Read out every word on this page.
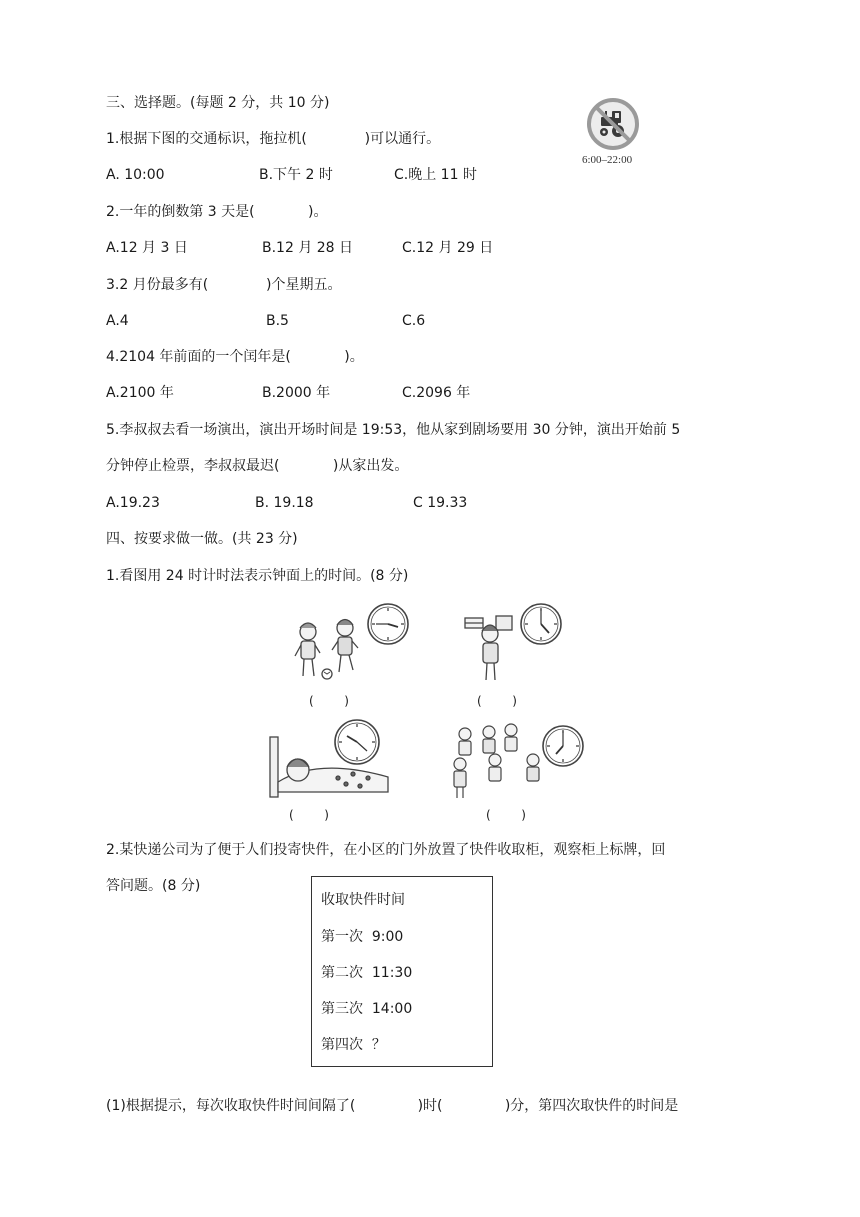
三、选择题。(每题 2 分，共 10 分)
1.根据下图的交通标识，拖拉机(             )可以通行。
A. 10:00	B.下午 2 时	C.晚上 11 时
6:00–22:00
2.一年的倒数第 3 天是(            )。
A.12 月 3 日	B.12 月 28 日	C.12 月 29 日
3.2 月份最多有(             )个星期五。
A.4	B.5	C.6
4.2104 年前面的一个闰年是(            )。
A.2100 年	B.2000 年	C.2096 年
5.李叔叔去看一场演出，演出开场时间是 19:53，他从家到剧场要用 30 分钟，演出开始前 5
分钟停止检票，李叔叔最迟(            )从家出发。
A.19.23	B. 19.18	C 19.33
四、按要求做一做。(共 23 分)
1.看图用 24 时计时法表示钟面上的时间。(8 分)
(        )	(        )
(        )	(        )
2.某快递公司为了便于人们投寄快件，在小区的门外放置了快件收取柜，观察柜上标牌，回
答问题。(8 分)
收取快件时间
第一次  9:00
第二次  11:30
第三次  14:00
第四次  ？
(1)根据提示，每次收取快件时间间隔了(              )时(              )分，第四次取快件的时间是
